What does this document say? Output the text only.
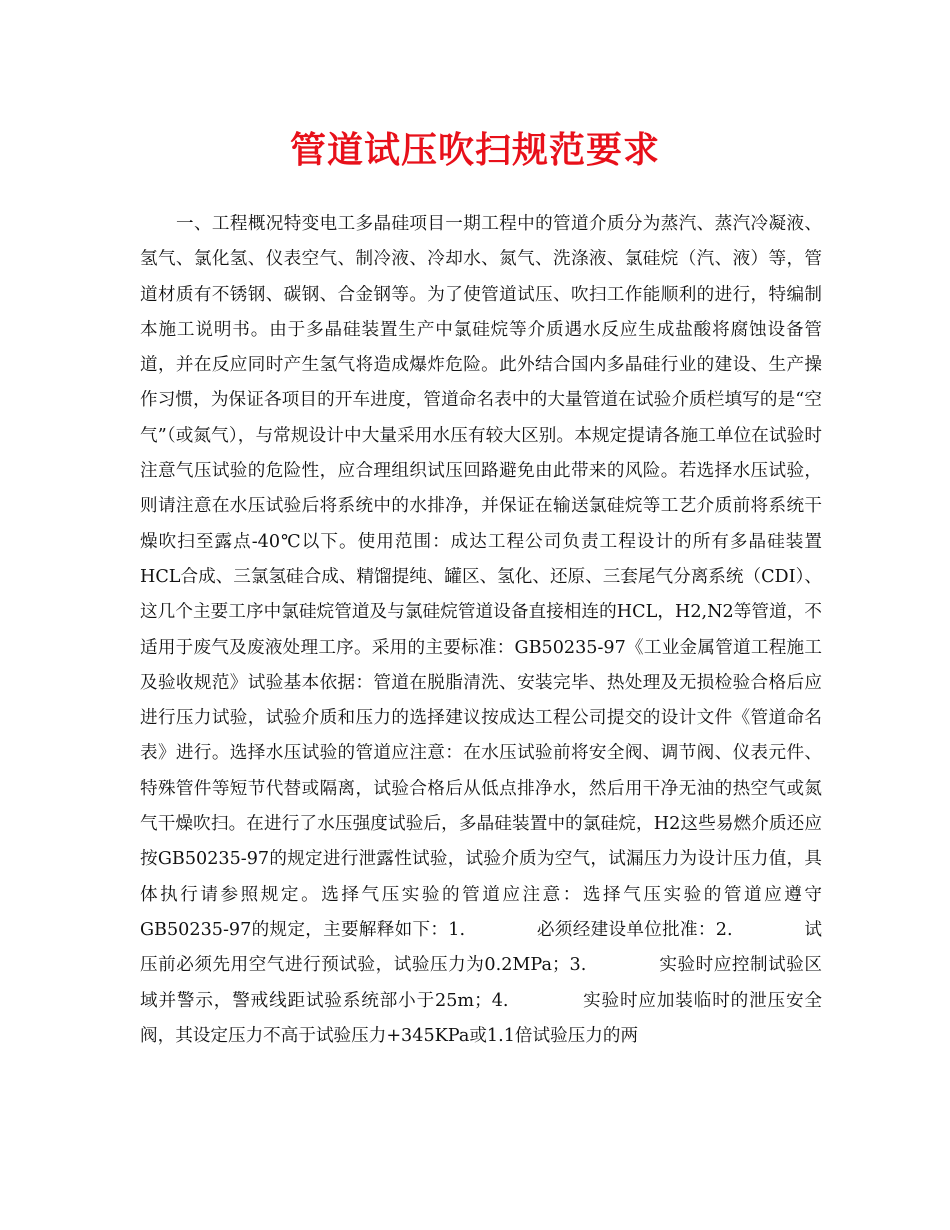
管道试压吹扫规范要求
一、工程概况特变电工多晶硅项目一期工程中的管道介质分为蒸汽、蒸汽冷凝液、氢气、氯化氢、仪表空气、制冷液、冷却水、氮气、洗涤液、氯硅烷（汽、液）等，管道材质有不锈钢、碳钢、合金钢等。为了使管道试压、吹扫工作能顺利的进行，特编制本施工说明书。由于多晶硅装置生产中氯硅烷等介质遇水反应生成盐酸将腐蚀设备管道，并在反应同时产生氢气将造成爆炸危险。此外结合国内多晶硅行业的建设、生产操作习惯，为保证各项目的开车进度，管道命名表中的大量管道在试验介质栏填写的是“空气”（或氮气），与常规设计中大量采用水压有较大区别。本规定提请各施工单位在试验时注意气压试验的危险性，应合理组织试压回路避免由此带来的风险。若选择水压试验，则请注意在水压试验后将系统中的水排净，并保证在输送氯硅烷等工艺介质前将系统干燥吹扫至露点-40℃以下。使用范围：成达工程公司负责工程设计的所有多晶硅装置HCL合成、三氯氢硅合成、精馏提纯、罐区、氢化、还原、三套尾气分离系统（CDI）、这几个主要工序中氯硅烷管道及与氯硅烷管道设备直接相连的HCL，H2,N2等管道，不适用于废气及废液处理工序。采用的主要标准：GB50235-97《工业金属管道工程施工及验收规范》试验基本依据：管道在脱脂清洗、安装完毕、热处理及无损检验合格后应进行压力试验，试验介质和压力的选择建议按成达工程公司提交的设计文件《管道命名表》进行。选择水压试验的管道应注意：在水压试验前将安全阀、调节阀、仪表元件、特殊管件等短节代替或隔离，试验合格后从低点排净水，然后用干净无油的热空气或氮气干燥吹扫。在进行了水压强度试验后，多晶硅装置中的氯硅烷，H2这些易燃介质还应按GB50235-97的规定进行泄露性试验，试验介质为空气，试漏压力为设计压力值，具体执行请参照规定。选择气压实验的管道应注意：选择气压实验的管道应遵守GB50235-97的规定，主要解释如下：1.　　　　必须经建设单位批准：2.　　　　试压前必须先用空气进行预试验，试验压力为0.2MPa；3.　　　　实验时应控制试验区域并警示，警戒线距试验系统部小于25m；4.　　　　实验时应加装临时的泄压安全阀，其设定压力不高于试验压力+345KPa或1.1倍试验压力的两
